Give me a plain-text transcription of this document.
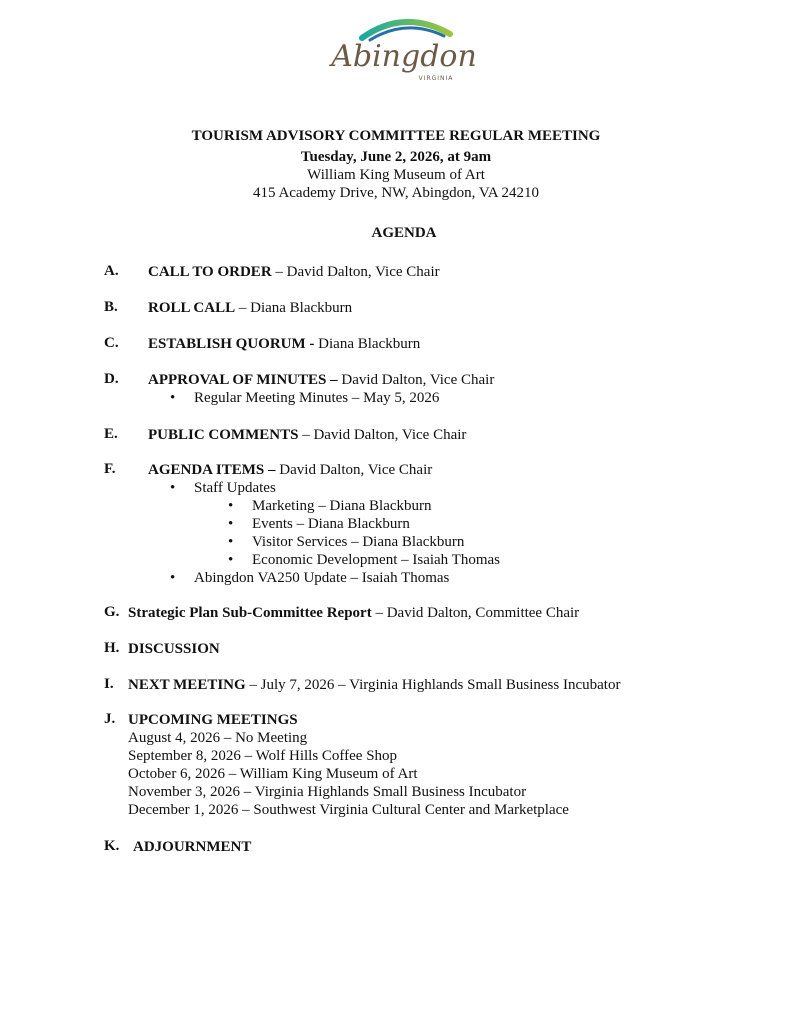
Abingdon
VIRGINIA
TOURISM ADVISORY COMMITTEE REGULAR MEETING
Tuesday, June 2, 2026, at 9am
William King Museum of Art
415 Academy Drive, NW, Abingdon, VA 24210
AGENDA
A. CALL TO ORDER – David Dalton, Vice Chair
B. ROLL CALL – Diana Blackburn
C. ESTABLISH QUORUM - Diana Blackburn
D. APPROVAL OF MINUTES – David Dalton, Vice Chair
• Regular Meeting Minutes – May 5, 2026
E. PUBLIC COMMENTS – David Dalton, Vice Chair
F. AGENDA ITEMS – David Dalton, Vice Chair
• Staff Updates
• Marketing – Diana Blackburn
• Events – Diana Blackburn
• Visitor Services – Diana Blackburn
• Economic Development – Isaiah Thomas
• Abingdon VA250 Update – Isaiah Thomas
G. Strategic Plan Sub-Committee Report – David Dalton, Committee Chair
H. DISCUSSION
I. NEXT MEETING – July 7, 2026 – Virginia Highlands Small Business Incubator
J. UPCOMING MEETINGS
August 4, 2026 – No Meeting
September 8, 2026 – Wolf Hills Coffee Shop
October 6, 2026 – William King Museum of Art
November 3, 2026 – Virginia Highlands Small Business Incubator
December 1, 2026 – Southwest Virginia Cultural Center and Marketplace
K. ADJOURNMENT
